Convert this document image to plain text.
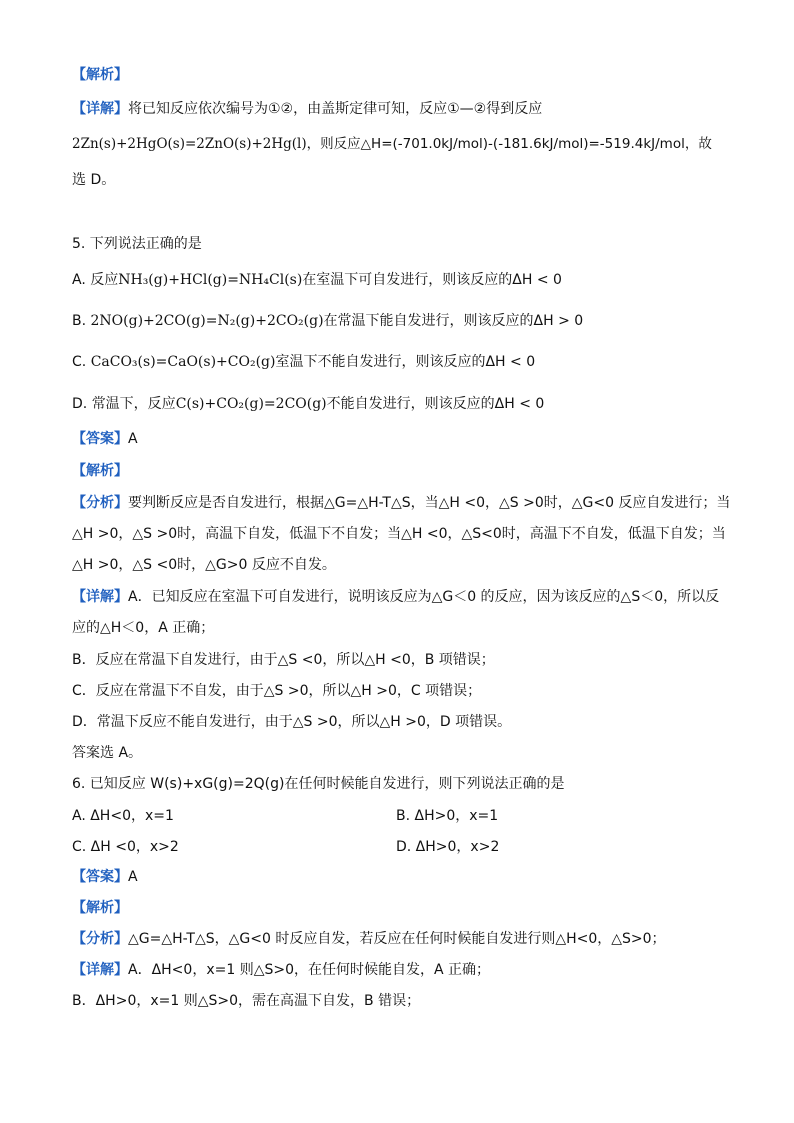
【解析】
【详解】将已知反应依次编号为①②，由盖斯定律可知，反应①—②得到反应
2Zn(s)+2HgO(s)=2ZnO(s)+2Hg(l)，则反应△H=(-701.0kJ/mol)-(-181.6kJ/mol)=-519.4kJ/mol，故
选 D。
5. 下列说法正确的是
A. 反应NH₃(g)+HCl(g)=NH₄Cl(s)在室温下可自发进行，则该反应的ΔH < 0
B. 2NO(g)+2CO(g)=N₂(g)+2CO₂(g)在常温下能自发进行，则该反应的ΔH > 0
C. CaCO₃(s)=CaO(s)+CO₂(g)室温下不能自发进行，则该反应的ΔH < 0
D. 常温下，反应C(s)+CO₂(g)=2CO(g)不能自发进行，则该反应的ΔH < 0
【答案】A
【解析】
【分析】要判断反应是否自发进行，根据△G=△H-T△S，当△H <0，△S >0时，△G<0 反应自发进行；当
△H >0，△S >0时，高温下自发，低温下不自发；当△H <0，△S<0时，高温下不自发，低温下自发；当
△H >0，△S <0时，△G>0 反应不自发。
【详解】A．已知反应在室温下可自发进行，说明该反应为△G＜0 的反应，因为该反应的△S＜0，所以反
应的△H＜0，A 正确；
B．反应在常温下自发进行，由于△S <0，所以△H <0，B 项错误；
C．反应在常温下不自发，由于△S >0，所以△H >0，C 项错误；
D．常温下反应不能自发进行，由于△S >0，所以△H >0，D 项错误。
答案选 A。
6. 已知反应 W(s)+xG(g)=2Q(g)在任何时候能自发进行，则下列说法正确的是
A. ΔH<0，x=1	B. ΔH>0，x=1
C. ΔH <0，x>2	D. ΔH>0，x>2
【答案】A
【解析】
【分析】△G=△H-T△S，△G<0 时反应自发，若反应在任何时候能自发进行则△H<0，△S>0；
【详解】A．ΔH<0，x=1 则△S>0，在任何时候能自发，A 正确；
B．ΔH>0，x=1 则△S>0，需在高温下自发，B 错误；
